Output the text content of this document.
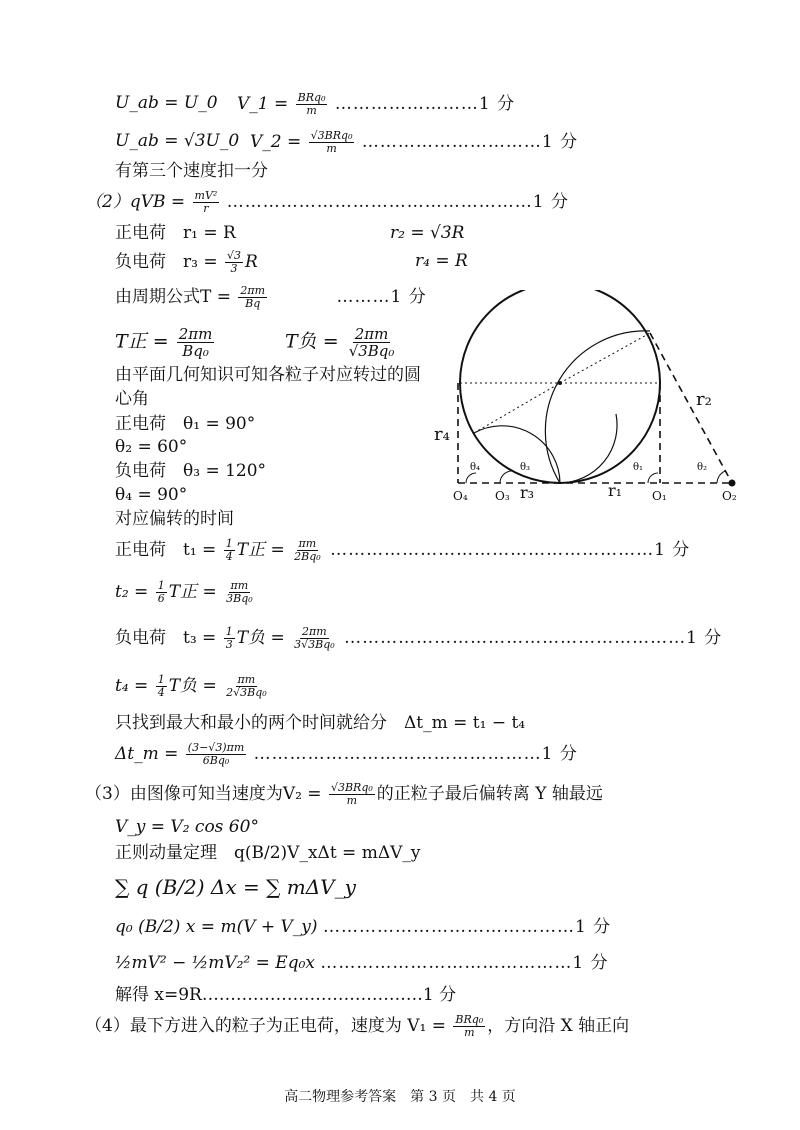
U_ab = U_0 V_1 = $\frac{\text{BRq₀}}{m}$ ……………………1 分
U_ab = √3U_0 V_2 = $\frac{\text{√3BRq₀}}{m}$ …………………………1 分
有第三个速度扣一分
$(2)qVB = \frac{\text{mV²}}{r}$ ……………………………………………1 分
正电荷　r₁ = R	r₂ = √3R
负电荷　$r_3 = \frac{√3}{3}$ R	r₄ = R
由周期公式$T = \frac{2\pi m}{Bq}$	………1 分
T正 = $\frac{2\pi m}{\text{Bq₀}}$	T负 = $\frac{2\pi m}{\text{√3Bq₀}}$
由平面几何知识可知各粒子对应转过的圆
心角
正电荷　θ₁ = 90°
θ₂ = 60°
负电荷　θ₃ = 120°
θ₄ = 90°
对应偏转的时间
正电荷　$t_1 = \frac{1}{4}$ T正 = $\frac{\pi m}{\text{2Bq₀}}$ ………………………………………………1 分
$t_2 = \frac{1}{6}$ T正 = $\frac{\pi m}{\text{3Bq₀}}$
负电荷　$t_3 = \frac{1}{3}$ T负 = $\frac{2\pi m}{\text{3√3Bq₀}}$ …………………………………………………1 分
$t_4 = \frac{1}{4}$ T负 = $\frac{\pi m}{\text{2√3Bq₀}}$
只找到最大和最小的两个时间就给分　Δt_m = t₁ − t₄
Δt_m = $\frac{(3-√3)\pi m}{\text{6Bq₀}}$ …………………………………………1 分
（3）由图像可知当速度为$V_2 = \frac{\text{√3BRq₀}}{m}$ 的正粒子最后偏转离 Y 轴最远
V_y = V₂ cos 60°
正则动量定理　q(B/2)V_xΔt = mΔV_y
∑ q (B/2) Δx = ∑ mΔV_y
q₀ (B/2) x = m(V + V_y) ……………………………………1 分
½mV² − ½mV₂² = Eq₀x ……………………………………1 分
解得 x=9R…………………………………1 分
（4）最下方进入的粒子为正电荷，速度为 $V_1 = \frac{\text{BRq₀}}{m}$ ，方向沿 X 轴正向
O₄ O₃	O₁	O₂
r₃	r₁
r₂
r₄
θ₄	θ₃	θ₁	θ₂
高二物理参考答案　第 3 页　共 4 页
